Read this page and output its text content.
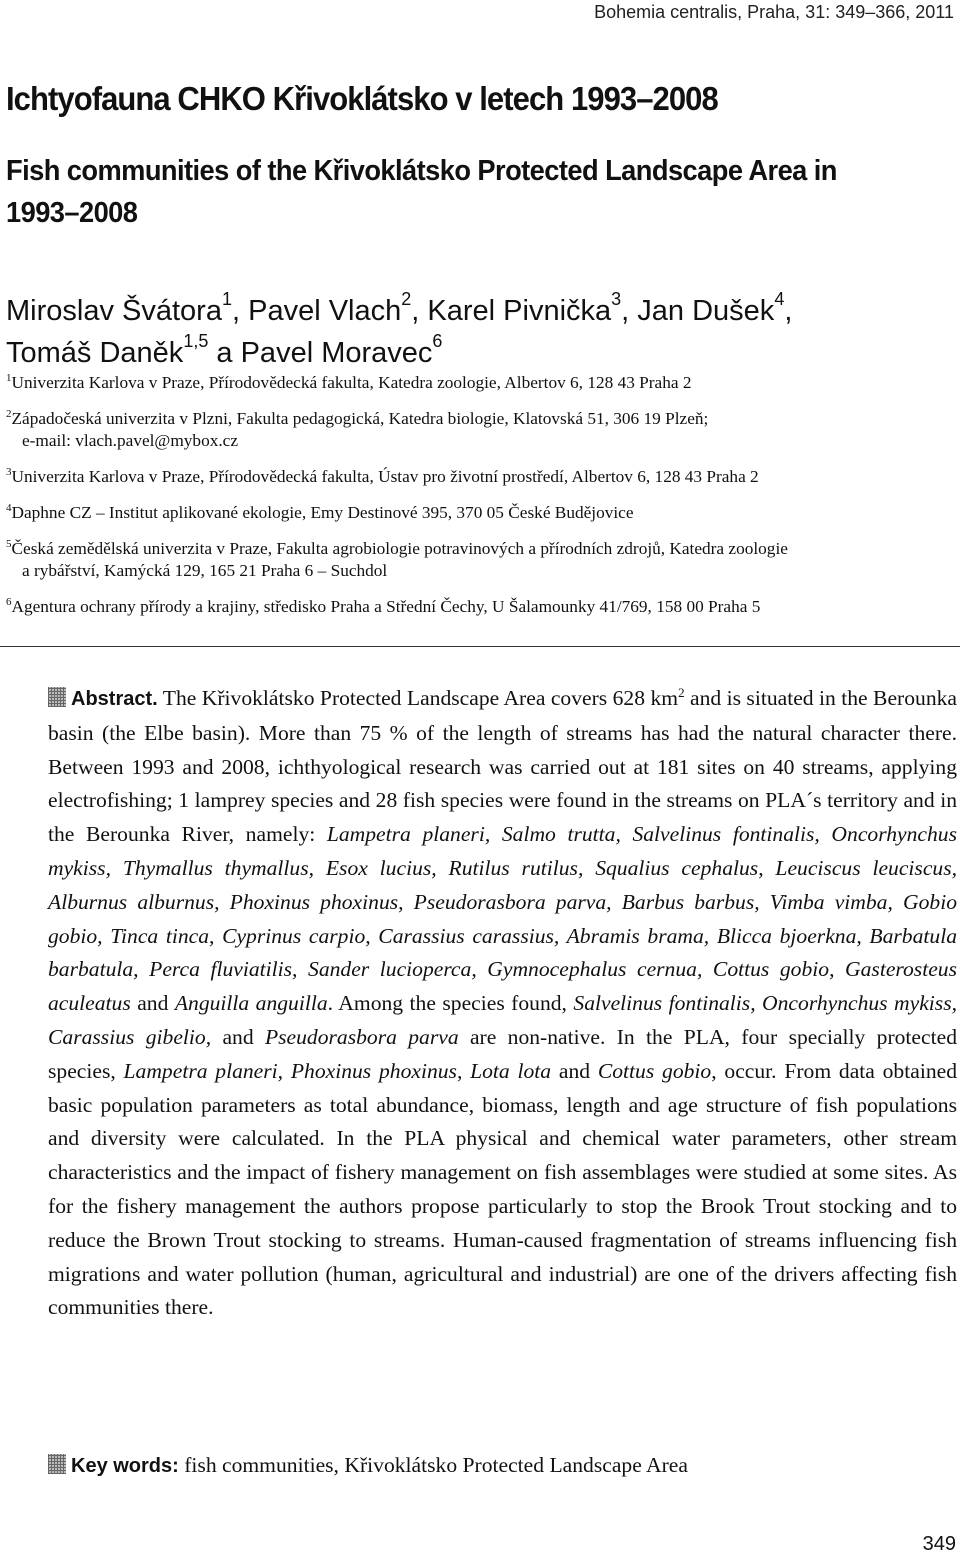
Bohemia centralis, Praha, 31: 349–366, 2011
Ichtyofauna CHKO Křivoklátsko v letech 1993–2008
Fish communities of the Křivoklátsko Protected Landscape Area in 1993–2008

Miroslav Švátora$^1$, Pavel Vlach$^2$, Karel Pivnička$^3$, Jan Dušek$^4$,
Tomáš Daněk$^{1,5}$ a Pavel Moravec$^6$

$^1$Univerzita Karlova v Praze, Přírodovědecká fakulta, Katedra zoologie, Albertov 6, 128 43 Praha 2

$^2$Západočeská univerzita v Plzni, Fakulta pedagogická, Katedra biologie, Klatovská 51, 306 19 Plzeň;
e-mail: vlach.pavel@mybox.cz

$^3$Univerzita Karlova v Praze, Přírodovědecká fakulta, Ústav pro životní prostředí, Albertov 6, 128 43 Praha 2

$^4$Daphne CZ – Institut aplikované ekologie, Emy Destinové 395, 370 05 České Budějovice

$^5$Česká zemědělská univerzita v Praze, Fakulta agrobiologie potravinových a přírodních zdrojů, Katedra zoologie
a rybářství, Kamýcká 129, 165 21 Praha 6 – Suchdol

$^6$Agentura ochrany přírody a krajiny, středisko Praha a Střední Čechy, U Šalamounky 41/769, 158 00 Praha 5

Abstract. The Křivoklátsko Protected Landscape Area covers 628 $km^2$ and is situated in the Berounka basin (the Elbe basin). More than 75 % of the length of streams has had the natural character there. Between 1993 and 2008, ichthyological research was carried out at 181 sites on 40 streams, applying electrofishing; 1 lamprey species and 28 fish species were found in the streams on PLA´s territory and in the Berounka River, namely: Lampetra planeri, Salmo trutta, Salvelinus fontinalis, Oncorhynchus mykiss, Thymallus thymallus, Esox lucius, Rutilus rutilus, Squalius cephalus, Leuciscus leuciscus, Alburnus alburnus, Phoxinus phoxinus, Pseudorasbora parva, Barbus barbus, Vimba vimba, Gobio gobio, Tinca tinca, Cyprinus carpio, Carassius carassius, Abramis brama, Blicca bjoerkna, Barbatula barbatula, Perca fluviatilis, Sander lucioperca, Gymnocephalus cernua, Cottus gobio, Gasterosteus aculeatus and Anguilla anguilla. Among the species found, Salvelinus fontinalis, Oncorhynchus mykiss, Carassius gibelio, and Pseudorasbora parva are non-native. In the PLA, four specially protected species, Lampetra planeri, Phoxinus phoxinus, Lota lota and Cottus gobio, occur. From data obtained basic population parameters as total abundance, biomass, length and age structure of fish populations and diversity were calculated. In the PLA physical and chemical water parameters, other stream characteristics and the impact of fishery management on fish assemblages were studied at some sites. As for the fishery management the authors propose particularly to stop the Brook Trout stocking and to reduce the Brown Trout stocking to streams. Human-caused fragmentation of streams influencing fish migrations and water pollution (human, agricultural and industrial) are one of the drivers affecting fish communities there.

Key words: fish communities, Křivoklátsko Protected Landscape Area

349
